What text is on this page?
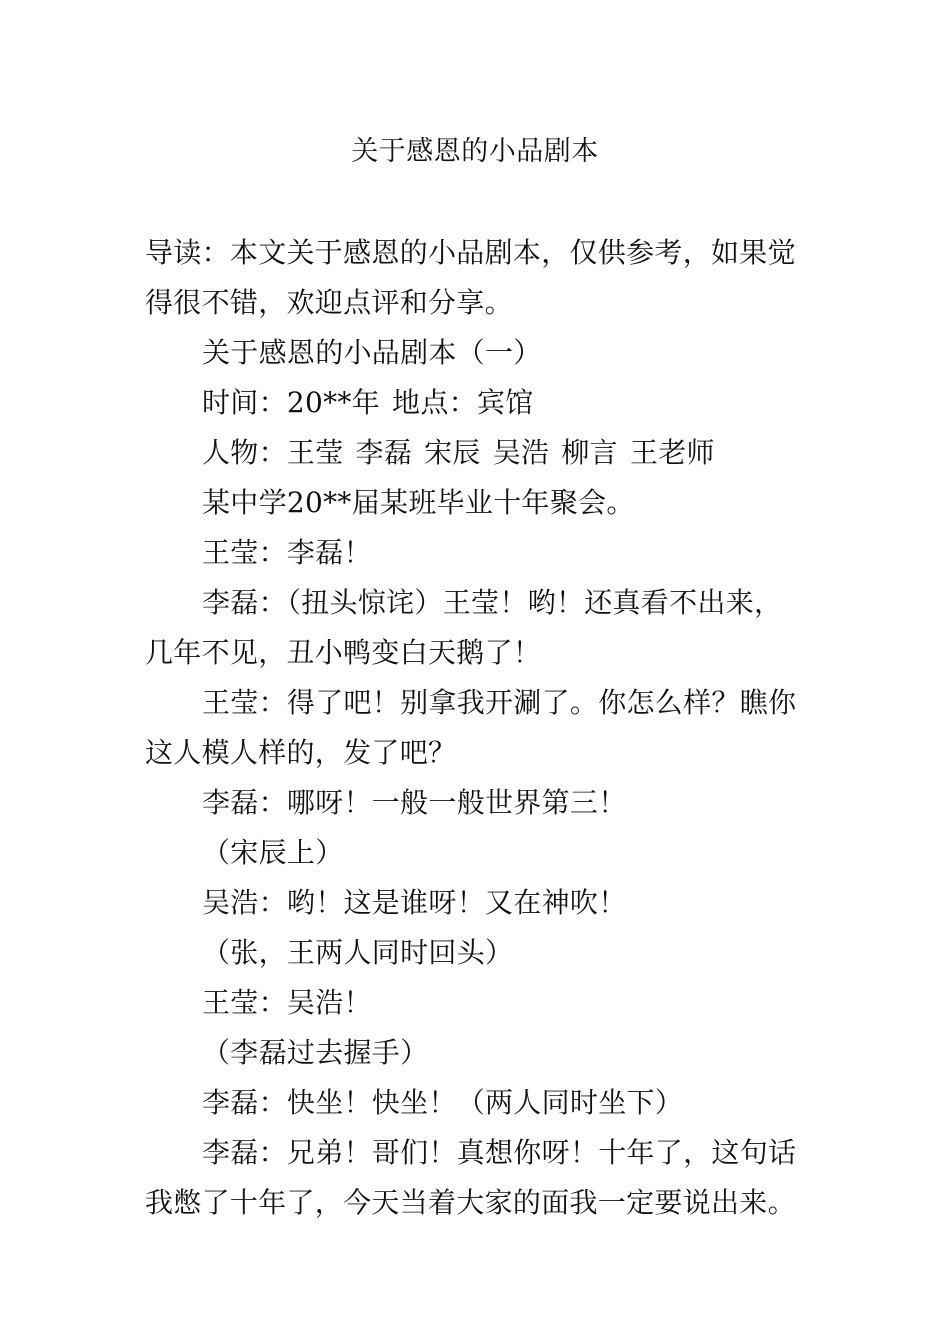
关于感恩的小品剧本

导读：本文关于感恩的小品剧本，仅供参考，如果觉得很不错，欢迎点评和分享。

关于感恩的小品剧本（一）

时间：20**年 地点：宾馆

人物：王莹 李磊 宋辰 吴浩 柳言 王老师

某中学20**届某班毕业十年聚会。

王莹：李磊！

李磊：（扭头惊诧）王莹！哟！还真看不出来，几年不见，丑小鸭变白天鹅了！

王莹：得了吧！别拿我开涮了。你怎么样？瞧你这人模人样的，发了吧？

李磊：哪呀！一般一般世界第三！

（宋辰上）

吴浩：哟！这是谁呀！又在神吹！

（张，王两人同时回头）

王莹：吴浩！

（李磊过去握手）

李磊：快坐！快坐！（两人同时坐下）

李磊：兄弟！哥们！真想你呀！十年了，这句话我憋了十年了，今天当着大家的面我一定要说出来。
